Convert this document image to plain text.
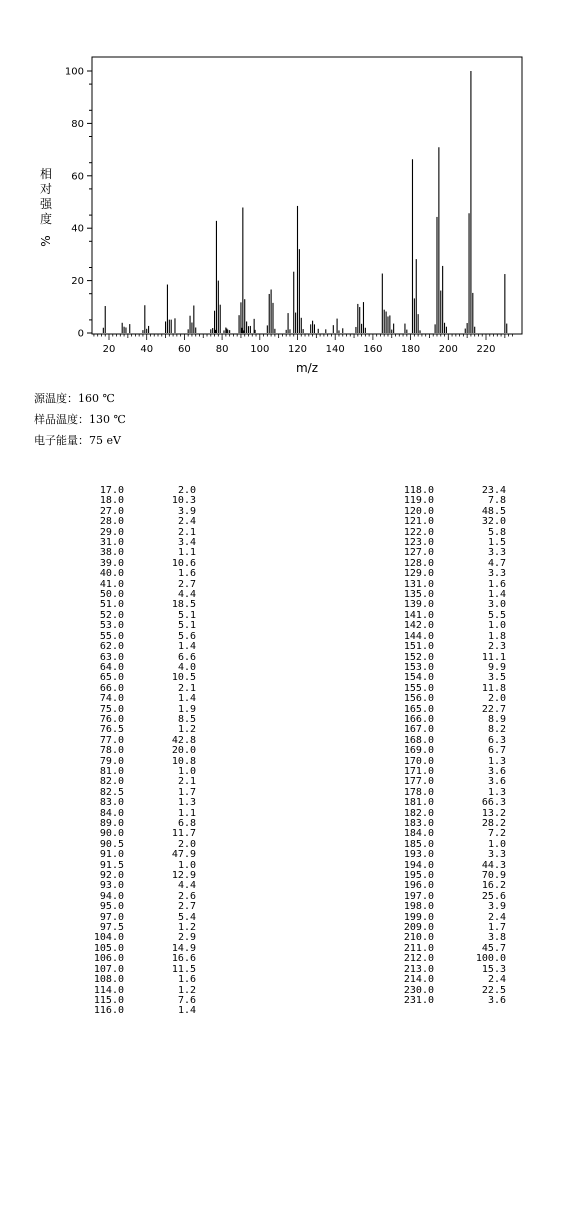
0
20
40
60
80
100
20 40 60 80 100 120 140 160 180 200 220
相
对
强
度
%
m/z
源温度：160 ℃
样品温度：130 ℃
电子能量：75 eV
17.0	2.0
18.0	10.3
27.0	3.9
28.0	2.4
29.0	2.1
31.0	3.4
38.0	1.1
39.0	10.6
40.0	1.6
41.0	2.7
50.0	4.4
51.0	18.5
52.0	5.1
53.0	5.1
55.0	5.6
62.0	1.4
63.0	6.6
64.0	4.0
65.0	10.5
66.0	2.1
74.0	1.4
75.0	1.9
76.0	8.5
76.5	1.2
77.0	42.8
78.0	20.0
79.0	10.8
81.0	1.0
82.0	2.1
82.5	1.7
83.0	1.3
84.0	1.1
89.0	6.8
90.0	11.7
90.5	2.0
91.0	47.9
91.5	1.0
92.0	12.9
93.0	4.4
94.0	2.6
95.0	2.7
97.0	5.4
97.5	1.2
104.0	2.9
105.0	14.9
106.0	16.6
107.0	11.5
108.0	1.6
114.0	1.2
115.0	7.6
116.0	1.4
118.0	23.4
119.0	7.8
120.0	48.5
121.0	32.0
122.0	5.8
123.0	1.5
127.0	3.3
128.0	4.7
129.0	3.3
131.0	1.6
135.0	1.4
139.0	3.0
141.0	5.5
142.0	1.0
144.0	1.8
151.0	2.3
152.0	11.1
153.0	9.9
154.0	3.5
155.0	11.8
156.0	2.0
165.0	22.7
166.0	8.9
167.0	8.2
168.0	6.3
169.0	6.7
170.0	1.3
171.0	3.6
177.0	3.6
178.0	1.3
181.0	66.3
182.0	13.2
183.0	28.2
184.0	7.2
185.0	1.0
193.0	3.3
194.0	44.3
195.0	70.9
196.0	16.2
197.0	25.6
198.0	3.9
199.0	2.4
209.0	1.7
210.0	3.8
211.0	45.7
212.0	100.0
213.0	15.3
214.0	2.4
230.0	22.5
231.0	3.6
